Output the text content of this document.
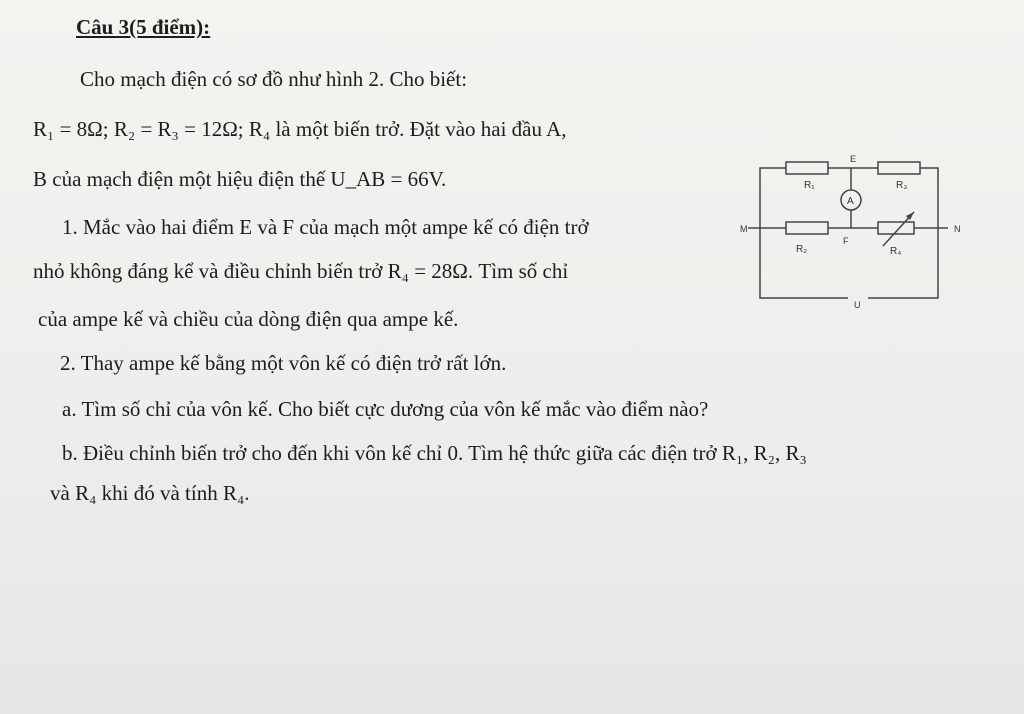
Câu 3(5 điểm):
Cho mạch điện có sơ đồ như hình 2. Cho biết:
R₁ = 8Ω; R₂ = R₃ = 12Ω; R₄ là một biến trở. Đặt vào hai đầu A,
B của mạch điện một hiệu điện thế U_AB = 66V.
1. Mắc vào hai điểm E và F của mạch một ampe kế có điện trở
nhỏ không đáng kể và điều chỉnh biến trở R₄ = 28Ω. Tìm số chỉ
của ampe kế và chiều của dòng điện qua ampe kế.
2. Thay ampe kế bằng một vôn kế có điện trở rất lớn.
a. Tìm số chỉ của vôn kế. Cho biết cực dương của vôn kế mắc vào điểm nào?
b. Điều chỉnh biến trở cho đến khi vôn kế chỉ 0. Tìm hệ thức giữa các điện trở R₁, R₂, R₃
và R₄ khi đó và tính R₄.
R₁	R₃
R₂	R₄
A
E
F
M	N
U
